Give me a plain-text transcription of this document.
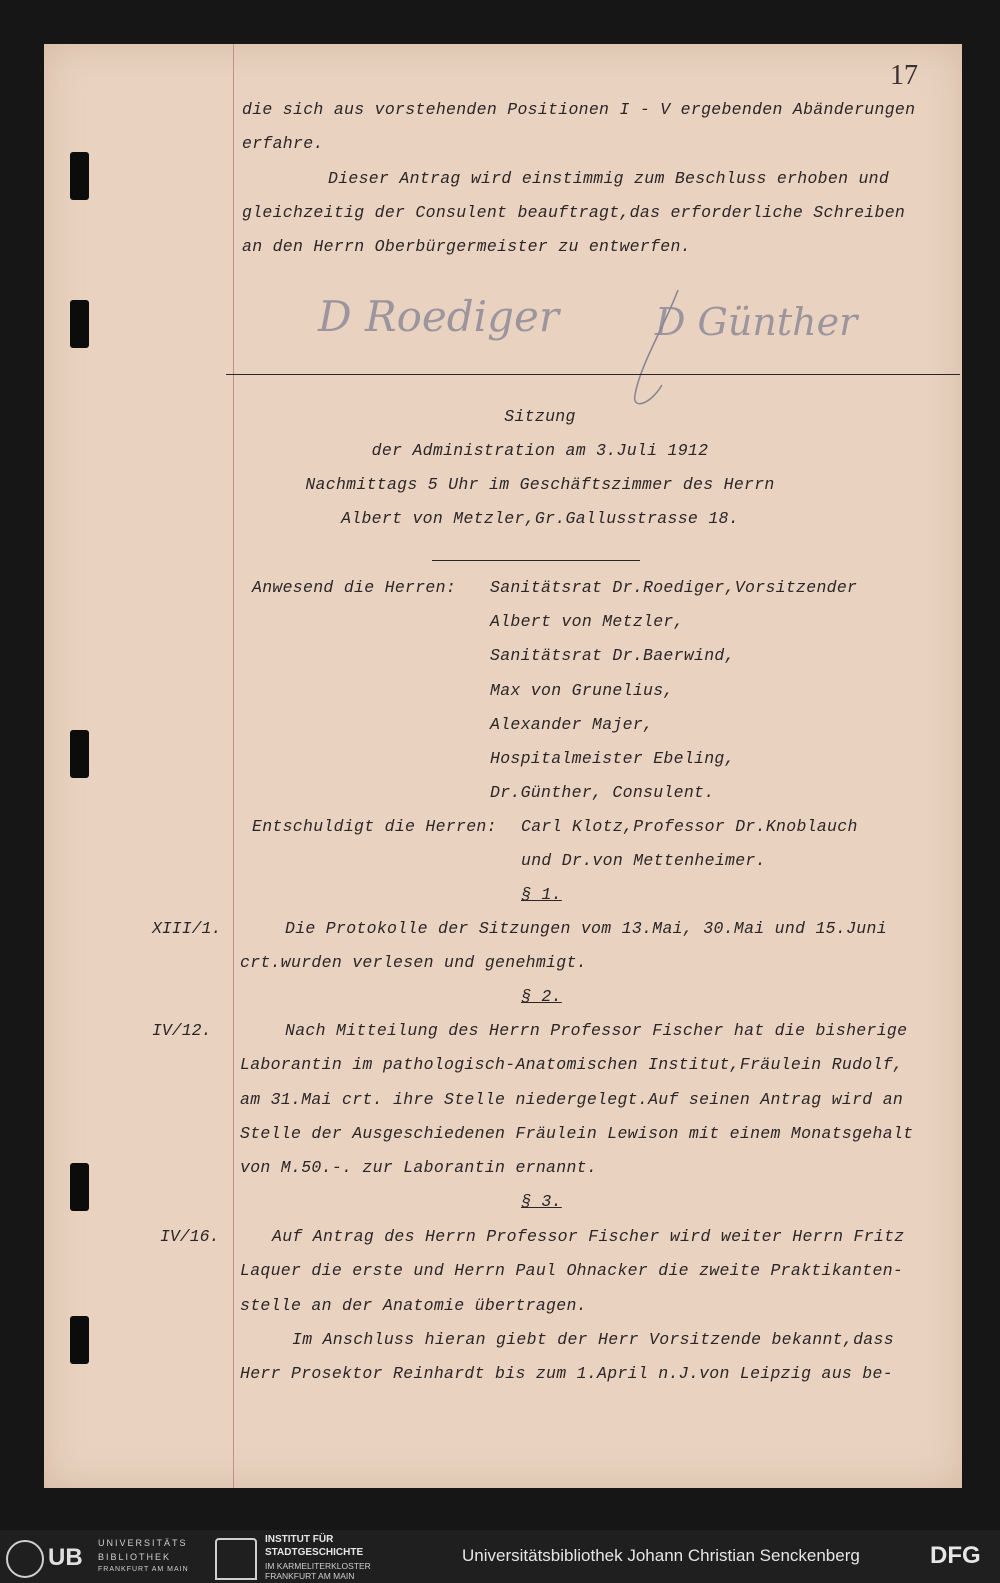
17
die sich aus vorstehenden Positionen I - V ergebenden Abänderungen
erfahre.
Dieser Antrag wird einstimmig zum Beschluss erhoben und
gleichzeitig der Consulent beauftragt,das erforderliche Schreiben
an den Herrn Oberbürgermeister zu entwerfen.
D Roediger	D Günther
Sitzung
der Administration am 3.Juli 1912
Nachmittags 5 Uhr im Geschäftszimmer des Herrn
Albert von Metzler,Gr.Gallusstrasse 18.
Anwesend die Herren: Sanitätsrat Dr.Roediger,Vorsitzender
Albert von Metzler,
Sanitätsrat Dr.Baerwind,
Max von Grunelius,
Alexander Majer,
Hospitalmeister Ebeling,
Dr.Günther, Consulent.
Entschuldigt die Herren: Carl Klotz,Professor Dr.Knoblauch
und Dr.von Mettenheimer.
§ 1.
XIII/1.	Die Protokolle der Sitzungen vom 13.Mai, 30.Mai und 15.Juni
crt.wurden verlesen und genehmigt.
§ 2.
IV/12.	Nach Mitteilung des Herrn Professor Fischer hat die bisherige
Laborantin im pathologisch-Anatomischen Institut,Fräulein Rudolf,
am 31.Mai crt. ihre Stelle niedergelegt.Auf seinen Antrag wird an
Stelle der Ausgeschiedenen Fräulein Lewison mit einem Monatsgehalt
von M.50.-. zur Laborantin ernannt.
§ 3.
IV/16.	Auf Antrag des Herrn Professor Fischer wird weiter Herrn Fritz
Laquer die erste und Herrn Paul Ohnacker die zweite Praktikanten-
stelle an der Anatomie übertragen.
Im Anschluss hieran giebt der Herr Vorsitzende bekannt,dass
Herr Prosektor Reinhardt bis zum 1.April n.J.von Leipzig aus be-
UB
UNIVERSITÄTS
BIBLIOTHEK
FRANKFURT AM MAIN
INSTITUT FÜR
STADTGESCHICHTE
IM KARMELITERKLOSTER
FRANKFURT AM MAIN
Universitätsbibliothek Johann Christian Senckenberg	DFG
